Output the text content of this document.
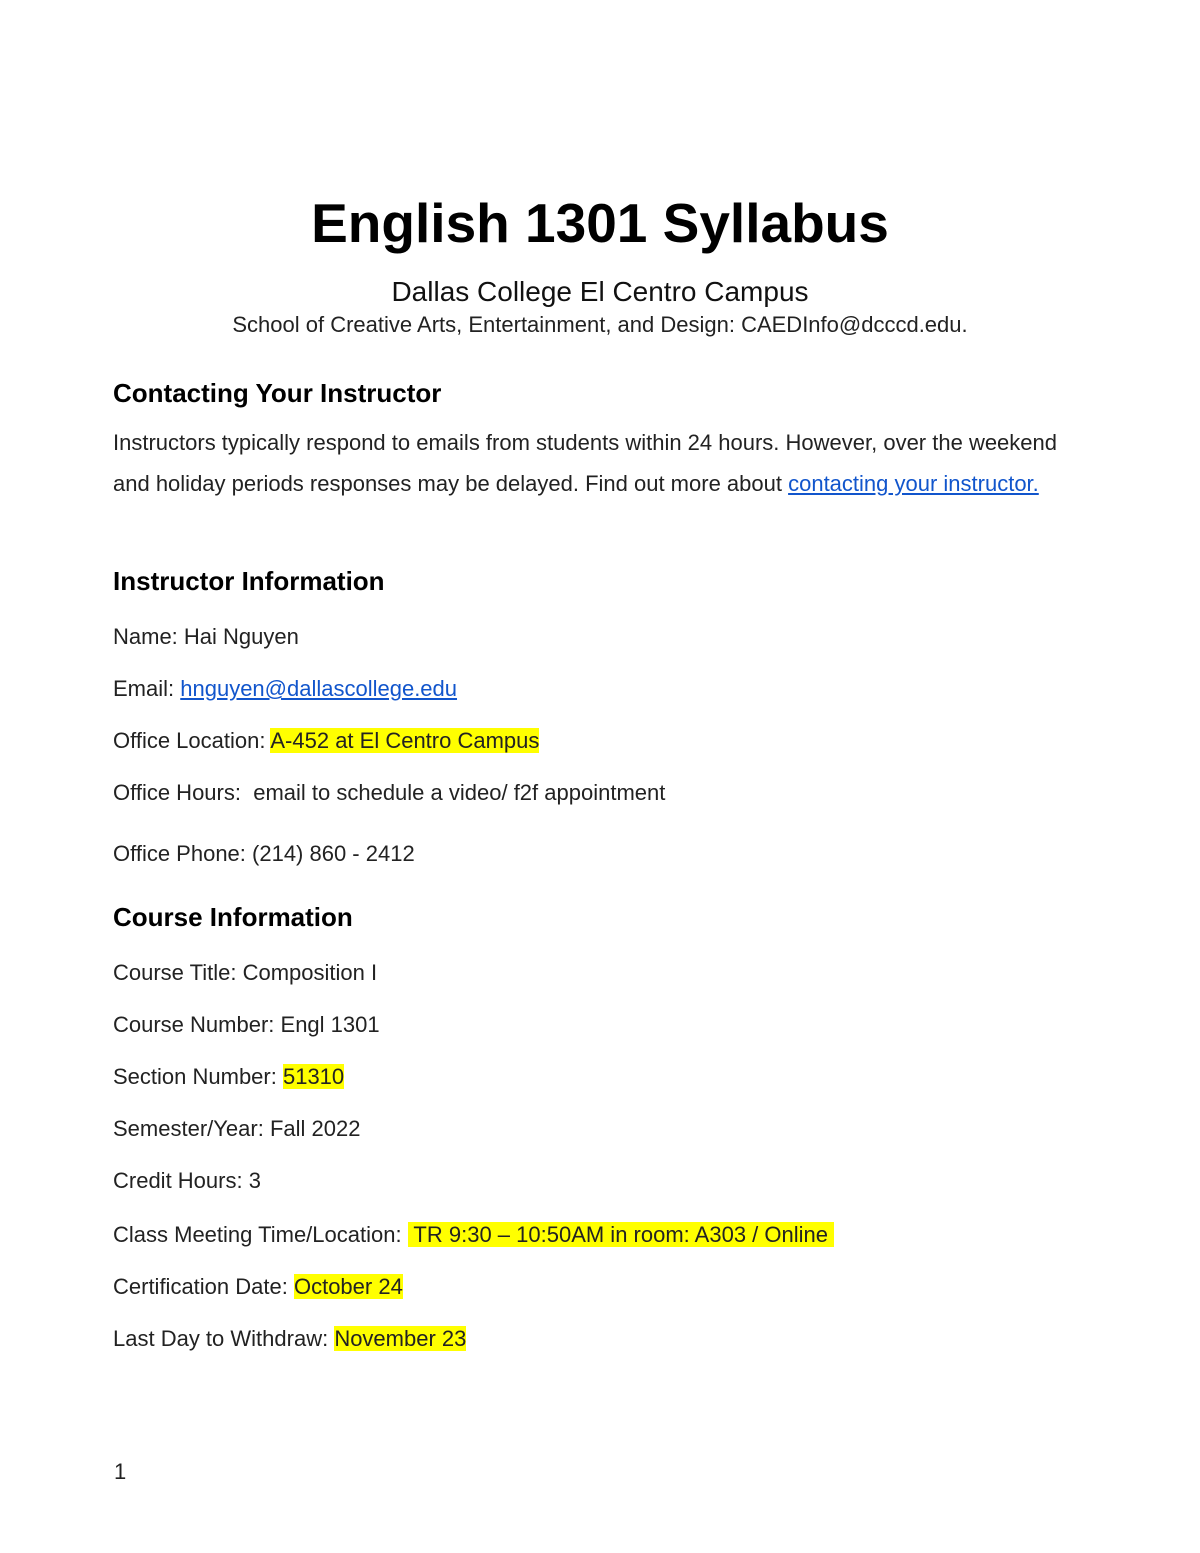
English 1301 Syllabus
Dallas College El Centro Campus
School of Creative Arts, Entertainment, and Design: CAEDInfo@dcccd.edu.
Contacting Your Instructor
Instructors typically respond to emails from students within 24 hours. However, over the weekend and holiday periods responses may be delayed. Find out more about contacting your instructor.
Instructor Information
Name: Hai Nguyen
Email: hnguyen@dallascollege.edu
Office Location: A-452 at El Centro Campus
Office Hours:  email to schedule a video/ f2f appointment
Office Phone: (214) 860 - 2412
Course Information
Course Title: Composition I
Course Number: Engl 1301
Section Number: 51310
Semester/Year: Fall 2022
Credit Hours: 3
Class Meeting Time/Location:  TR 9:30 – 10:50AM in room: A303 / Online
Certification Date: October 24
Last Day to Withdraw: November 23
1
